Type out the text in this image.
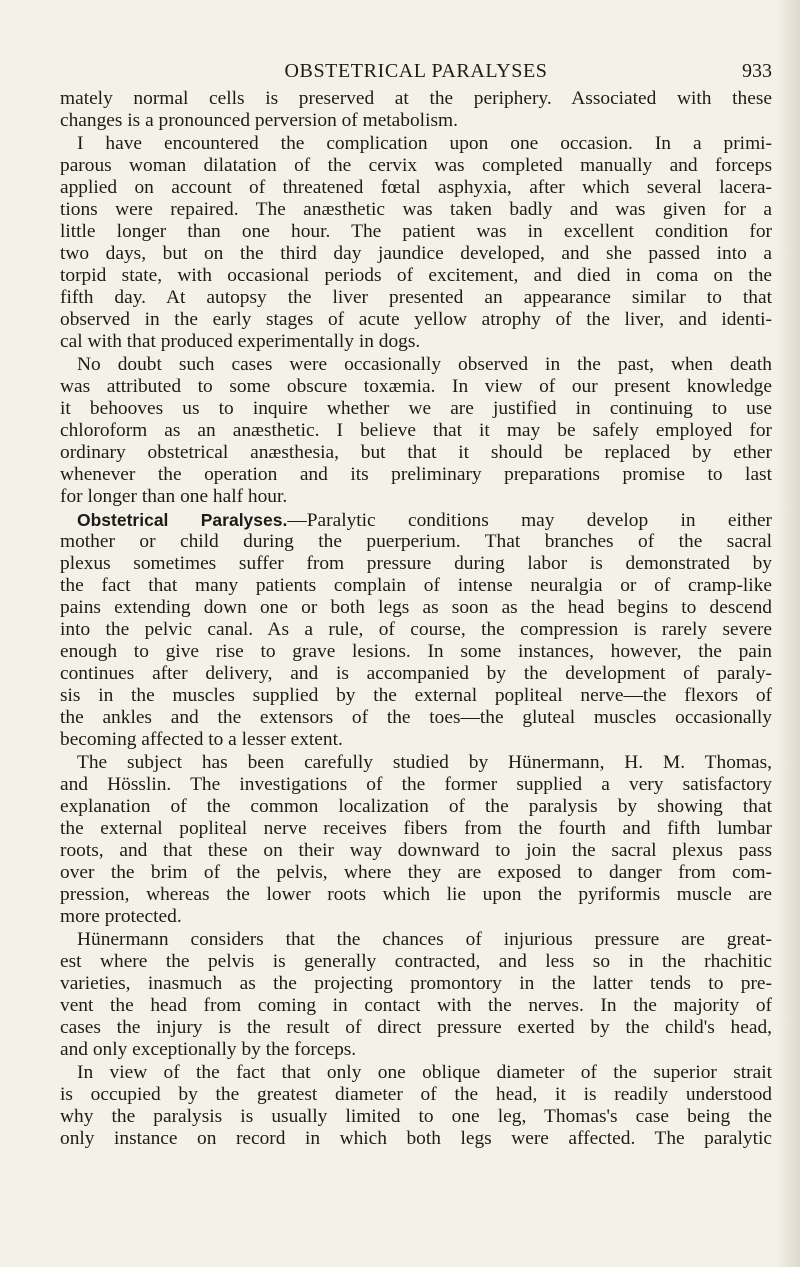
OBSTETRICAL PARALYSES	933
mately normal cells is preserved at the periphery. Associated with these
changes is a pronounced perversion of metabolism.
I have encountered the complication upon one occasion. In a primi-
parous woman dilatation of the cervix was completed manually and forceps
applied on account of threatened fœtal asphyxia, after which several lacera-
tions were repaired. The anæsthetic was taken badly and was given for a
little longer than one hour. The patient was in excellent condition for
two days, but on the third day jaundice developed, and she passed into a
torpid state, with occasional periods of excitement, and died in coma on the
fifth day. At autopsy the liver presented an appearance similar to that
observed in the early stages of acute yellow atrophy of the liver, and identi-
cal with that produced experimentally in dogs.
No doubt such cases were occasionally observed in the past, when death
was attributed to some obscure toxæmia. In view of our present knowledge
it behooves us to inquire whether we are justified in continuing to use
chloroform as an anæsthetic. I believe that it may be safely employed for
ordinary obstetrical anæsthesia, but that it should be replaced by ether
whenever the operation and its preliminary preparations promise to last
for longer than one half hour.
Obstetrical Paralyses.—Paralytic conditions may develop in either
mother or child during the puerperium. That branches of the sacral
plexus sometimes suffer from pressure during labor is demonstrated by
the fact that many patients complain of intense neuralgia or of cramp-like
pains extending down one or both legs as soon as the head begins to descend
into the pelvic canal. As a rule, of course, the compression is rarely severe
enough to give rise to grave lesions. In some instances, however, the pain
continues after delivery, and is accompanied by the development of paraly-
sis in the muscles supplied by the external popliteal nerve—the flexors of
the ankles and the extensors of the toes—the gluteal muscles occasionally
becoming affected to a lesser extent.
The subject has been carefully studied by Hünermann, H. M. Thomas,
and Hösslin. The investigations of the former supplied a very satisfactory
explanation of the common localization of the paralysis by showing that
the external popliteal nerve receives fibers from the fourth and fifth lumbar
roots, and that these on their way downward to join the sacral plexus pass
over the brim of the pelvis, where they are exposed to danger from com-
pression, whereas the lower roots which lie upon the pyriformis muscle are
more protected.
Hünermann considers that the chances of injurious pressure are great-
est where the pelvis is generally contracted, and less so in the rhachitic
varieties, inasmuch as the projecting promontory in the latter tends to pre-
vent the head from coming in contact with the nerves. In the majority of
cases the injury is the result of direct pressure exerted by the child's head,
and only exceptionally by the forceps.
In view of the fact that only one oblique diameter of the superior strait
is occupied by the greatest diameter of the head, it is readily understood
why the paralysis is usually limited to one leg, Thomas's case being the
only instance on record in which both legs were affected. The paralytic
